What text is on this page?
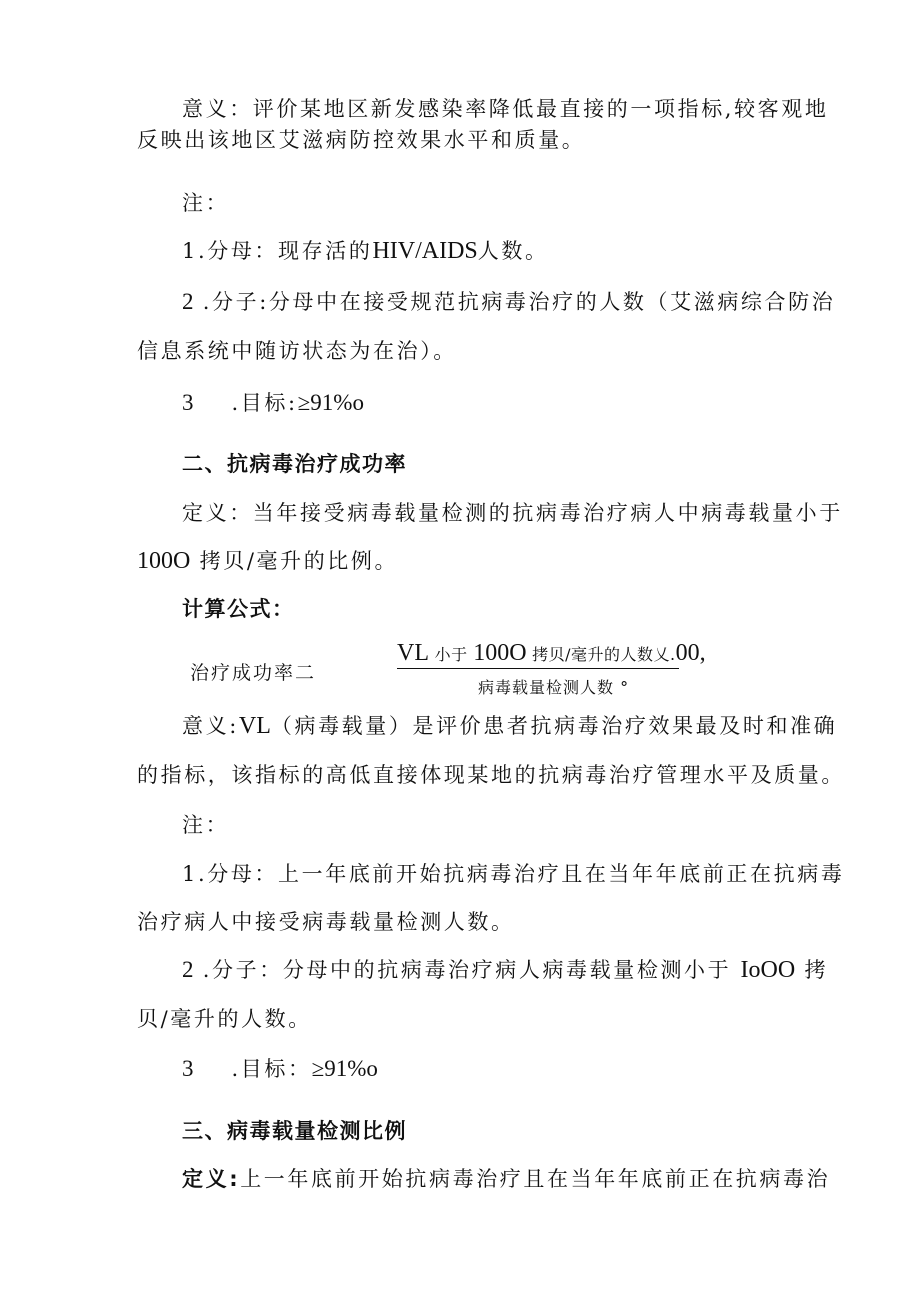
意义：评价某地区新发感染率降低最直接的一项指标,较客观地
反映出该地区艾滋病防控效果水平和质量。
注：
1.分母：现存活的HIV/AIDS人数。
2 .分子:分母中在接受规范抗病毒治疗的人数（艾滋病综合防治
信息系统中随访状态为在治）。
3 .目标:≥91%o
二、抗病毒治疗成功率
定义：当年接受病毒载量检测的抗病毒治疗病人中病毒载量小于
100O 拷贝/毫升的比例。
计算公式：
治疗成功率二
VL 小于 100O 拷贝/毫升的人数乂.00,
病毒载量检测人数 °
意义:VL（病毒载量）是评价患者抗病毒治疗效果最及时和准确
的指标，该指标的高低直接体现某地的抗病毒治疗管理水平及质量。
注：
1.分母：上一年底前开始抗病毒治疗且在当年年底前正在抗病毒
治疗病人中接受病毒载量检测人数。
2 .分子：分母中的抗病毒治疗病人病毒载量检测小于 IoOO 拷
贝/毫升的人数。
3 .目标：≥91%o
三、病毒载量检测比例
定义:上一年底前开始抗病毒治疗且在当年年底前正在抗病毒治
